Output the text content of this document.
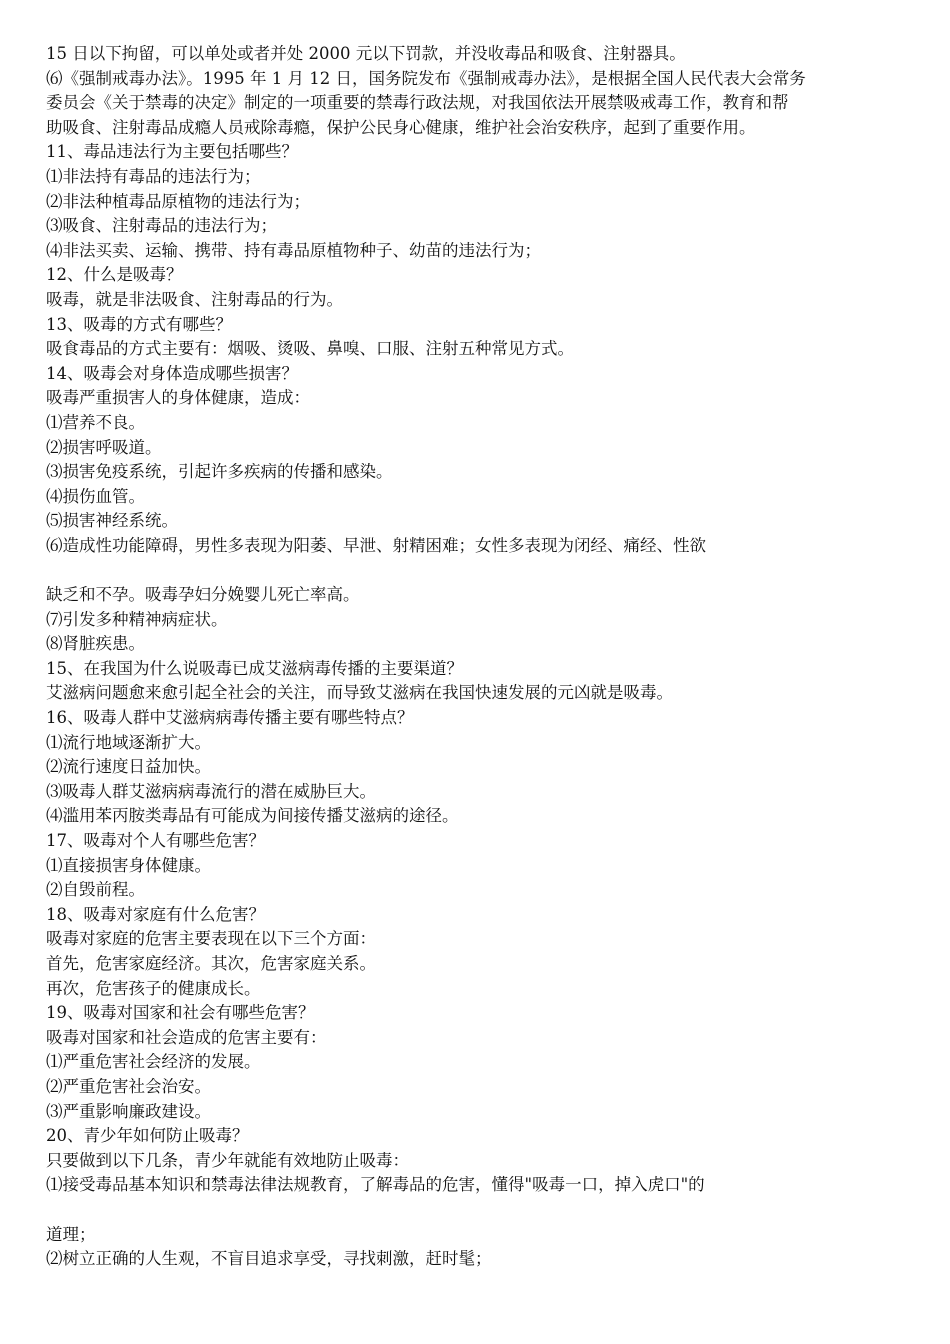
15 日以下拘留，可以单处或者并处 2000 元以下罚款，并没收毒品和吸食、注射器具。
⑹《强制戒毒办法》。1995 年 1 月 12 日，国务院发布《强制戒毒办法》，是根据全国人民代表大会常务
委员会《关于禁毒的决定》制定的一项重要的禁毒行政法规，对我国依法开展禁吸戒毒工作，教育和帮
助吸食、注射毒品成瘾人员戒除毒瘾，保护公民身心健康，维护社会治安秩序，起到了重要作用。
11、毒品违法行为主要包括哪些？
⑴非法持有毒品的违法行为；
⑵非法种植毒品原植物的违法行为；
⑶吸食、注射毒品的违法行为；
⑷非法买卖、运输、携带、持有毒品原植物种子、幼苗的违法行为；
12、什么是吸毒？
吸毒，就是非法吸食、注射毒品的行为。
13、吸毒的方式有哪些？
吸食毒品的方式主要有：烟吸、烫吸、鼻嗅、口服、注射五种常见方式。
14、吸毒会对身体造成哪些损害？
吸毒严重损害人的身体健康，造成：
⑴营养不良。
⑵损害呼吸道。
⑶损害免疫系统，引起许多疾病的传播和感染。
⑷损伤血管。
⑸损害神经系统。
⑹造成性功能障碍，男性多表现为阳萎、早泄、射精困难；女性多表现为闭经、痛经、性欲
缺乏和不孕。吸毒孕妇分娩婴儿死亡率高。
⑺引发多种精神病症状。
⑻肾脏疾患。
15、在我国为什么说吸毒已成艾滋病毒传播的主要渠道？
艾滋病问题愈来愈引起全社会的关注，而导致艾滋病在我国快速发展的元凶就是吸毒。
16、吸毒人群中艾滋病病毒传播主要有哪些特点？
⑴流行地域逐渐扩大。
⑵流行速度日益加快。
⑶吸毒人群艾滋病病毒流行的潜在威胁巨大。
⑷滥用苯丙胺类毒品有可能成为间接传播艾滋病的途径。
17、吸毒对个人有哪些危害？
⑴直接损害身体健康。
⑵自毁前程。
18、吸毒对家庭有什么危害？
吸毒对家庭的危害主要表现在以下三个方面：
首先，危害家庭经济。其次，危害家庭关系。
再次，危害孩子的健康成长。
19、吸毒对国家和社会有哪些危害？
吸毒对国家和社会造成的危害主要有：
⑴严重危害社会经济的发展。
⑵严重危害社会治安。
⑶严重影响廉政建设。
20、青少年如何防止吸毒？
只要做到以下几条，青少年就能有效地防止吸毒：
⑴接受毒品基本知识和禁毒法律法规教育，了解毒品的危害，懂得"吸毒一口，掉入虎口"的
道理；
⑵树立正确的人生观，不盲目追求享受，寻找刺激，赶时髦；
